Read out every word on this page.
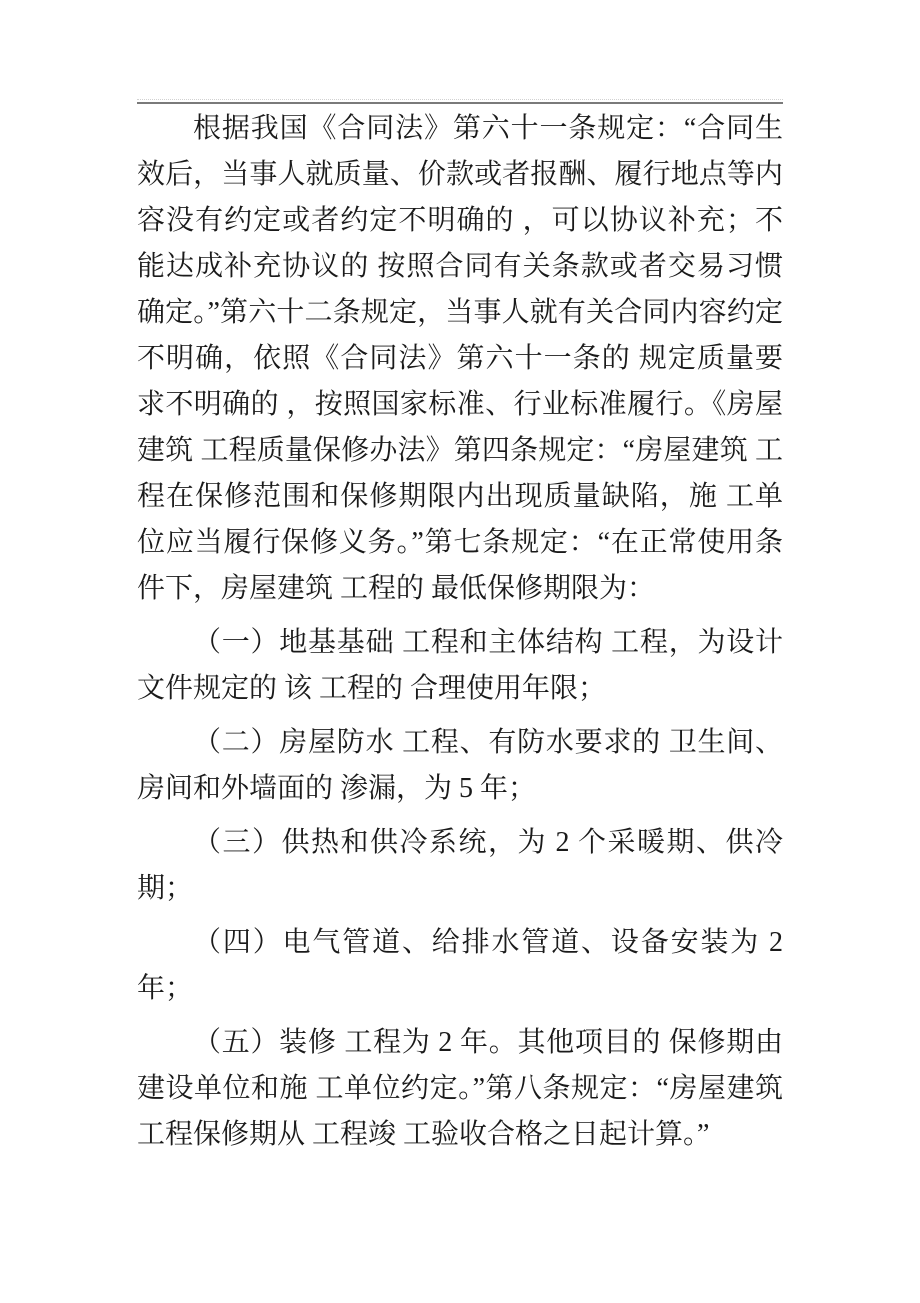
根据我国《合同法》第六十一条规定：“合同生效后，当事人就质量、价款或者报酬、履行地点等内容没有约定或者约定不明确的 ，可以协议补充；不能达成补充协议的 按照合同有关条款或者交易习惯确定。”第六十二条规定，当事人就有关合同内容约定不明确，依照《合同法》第六十一条的 规定质量要求不明确的 ，按照国家标准、行业标准履行。《房屋建筑 工程质量保修办法》第四条规定：“房屋建筑 工程在保修范围和保修期限内出现质量缺陷，施 工单位应当履行保修义务。”第七条规定：“在正常使用条件下，房屋建筑 工程的 最低保修期限为：

（一）地基基础 工程和主体结构 工程，为设计文件规定的 该 工程的 合理使用年限；

（二）房屋防水 工程、有防水要求的 卫生间、房间和外墙面的 渗漏，为 5 年；

（三）供热和供冷系统，为 2 个采暖期、供冷期；

（四）电气管道、给排水管道、设备安装为 2 年；

（五）装修 工程为 2 年。其他项目的 保修期由建设单位和施 工单位约定。”第八条规定：“房屋建筑 工程保修期从 工程竣 工验收合格之日起计算。”
